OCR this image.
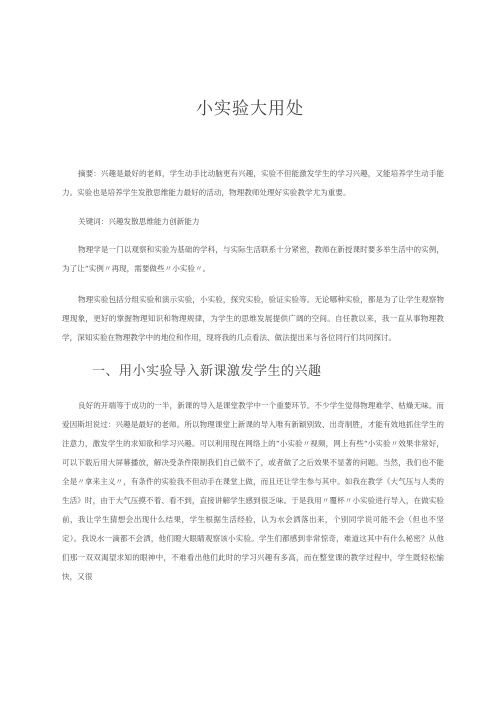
小实验大用处

摘要：兴趣是最好的老师，学生动手比动脑更有兴趣，实验不但能激发学生的学习兴趣，又能培养学生动手能力。实验也是培养学生发散思维能力最好的活动，物理教师处理好实验教学尤为重要。

关键词：兴趣发散思维能力创新能力

物理学是一门以观察和实验为基础的学科，与实际生活联系十分紧密，教师在新授课时要多举生活中的实例，为了让“实例〃再现，需要做些〃小实验〃。

物理实验包括分组实验和演示实验，小实验，探究实验，验证实验等。无论哪种实验，都是为了让学生观察物理现象，更好的掌握物理知识和物理规律，为学生的思维发展提供广阔的空间。自任教以来，我一直从事物理教学，深知实验在物理教学中的地位和作用，现将我的几点看法、做法提出来与各位同行们共同探讨。

一、用小实验导入新课激发学生的兴趣

良好的开端等于成功的一半，新课的导入是课堂教学中一个重要环节。不少学生觉得物理难学、枯燥无味。而爱因斯坦说过：兴趣是最好的老师。所以物理课堂上新课的导入唯有新颖别致、出奇制胜，才能有效地抓住学生的注意力，激发学生的求知欲和学习兴趣。可以利用现在网络上的“小实验〃视频，网上有些“小实验〃效果非常好，可以下载后用大屏幕播放，解决受条件限制我们自己做不了，或者做了之后效果不显著的问题。当然，我们也不能全是〃拿来主义〃，有条件的实验我不但动手在课堂上做，而且还让学生参与其中。如我在教学《大气压与人类的生活》时，由于大气压摸不着、看不到，直接讲解学生感到很乏味。于是我用〃覆杯〃小实验进行导入，在做实验前，我让学生猜想会出现什么结果，学生根据生活经验，认为水会洒落出来，个别同学说可能不会（但也不坚定）。我说水一滴都不会洒，他们瞪大眼睛观察该小实验。学生们都感到非常惊奇，难道这其中有什么秘密？从他们那一双双渴望求知的眼神中，不难看出他们此时的学习兴趣有多高，而在整堂课的教学过程中，学生既轻松愉快，又很
